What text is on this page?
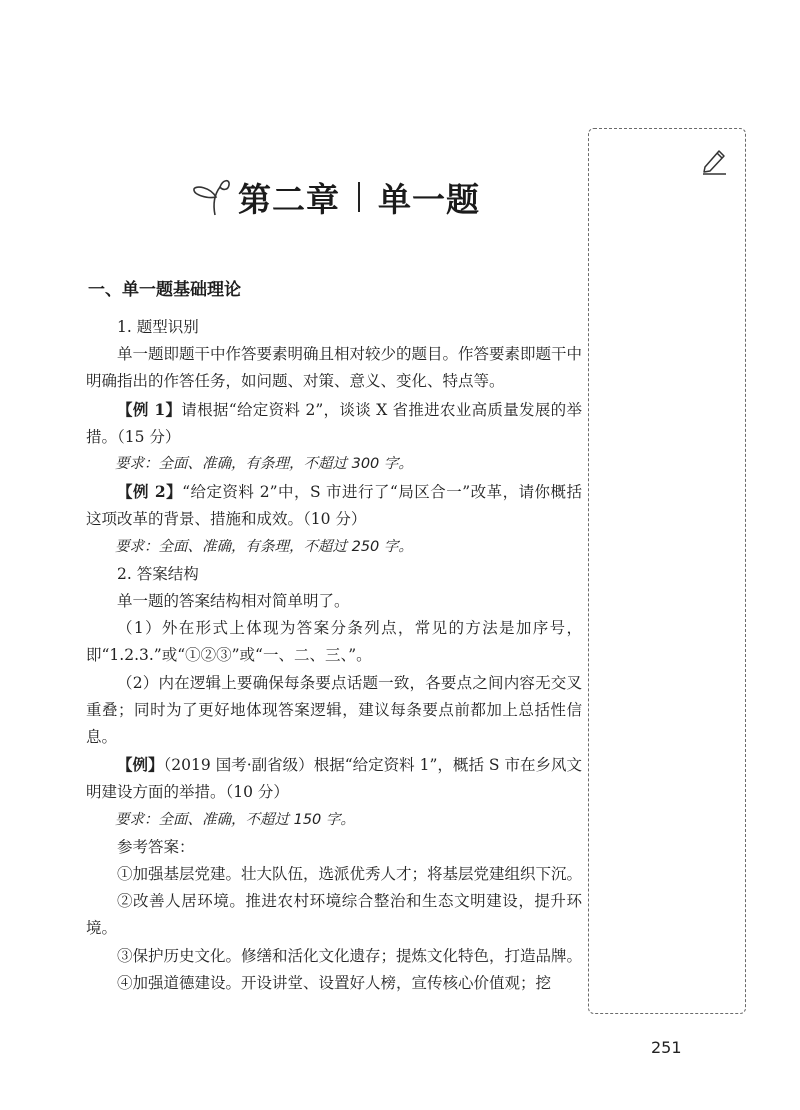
第二章 单一题
一、单一题基础理论

1. 题型识别

单一题即题干中作答要素明确且相对较少的题目。作答要素即题干中明确指出的作答任务，如问题、对策、意义、变化、特点等。

【例 1】请根据“给定资料 2”，谈谈 X 省推进农业高质量发展的举措。（15 分）

要求：全面、准确，有条理，不超过 300 字。

【例 2】“给定资料 2”中，S 市进行了“局区合一”改革，请你概括这项改革的背景、措施和成效。（10 分）

要求：全面、准确，有条理，不超过 250 字。

2. 答案结构

单一题的答案结构相对简单明了。

（1）外在形式上体现为答案分条列点，常见的方法是加序号，即“1.2.3.”或“①②③”或“一、二、三、”。

（2）内在逻辑上要确保每条要点话题一致，各要点之间内容无交叉重叠；同时为了更好地体现答案逻辑，建议每条要点前都加上总括性信息。

【例】（2019 国考·副省级）根据“给定资料 1”，概括 S 市在乡风文明建设方面的举措。（10 分）

要求：全面、准确，不超过 150 字。

参考答案：

①加强基层党建。壮大队伍，选派优秀人才；将基层党建组织下沉。

②改善人居环境。推进农村环境综合整治和生态文明建设，提升环境。

③保护历史文化。修缮和活化文化遗存；提炼文化特色，打造品牌。

④加强道德建设。开设讲堂、设置好人榜，宣传核心价值观；挖

251
